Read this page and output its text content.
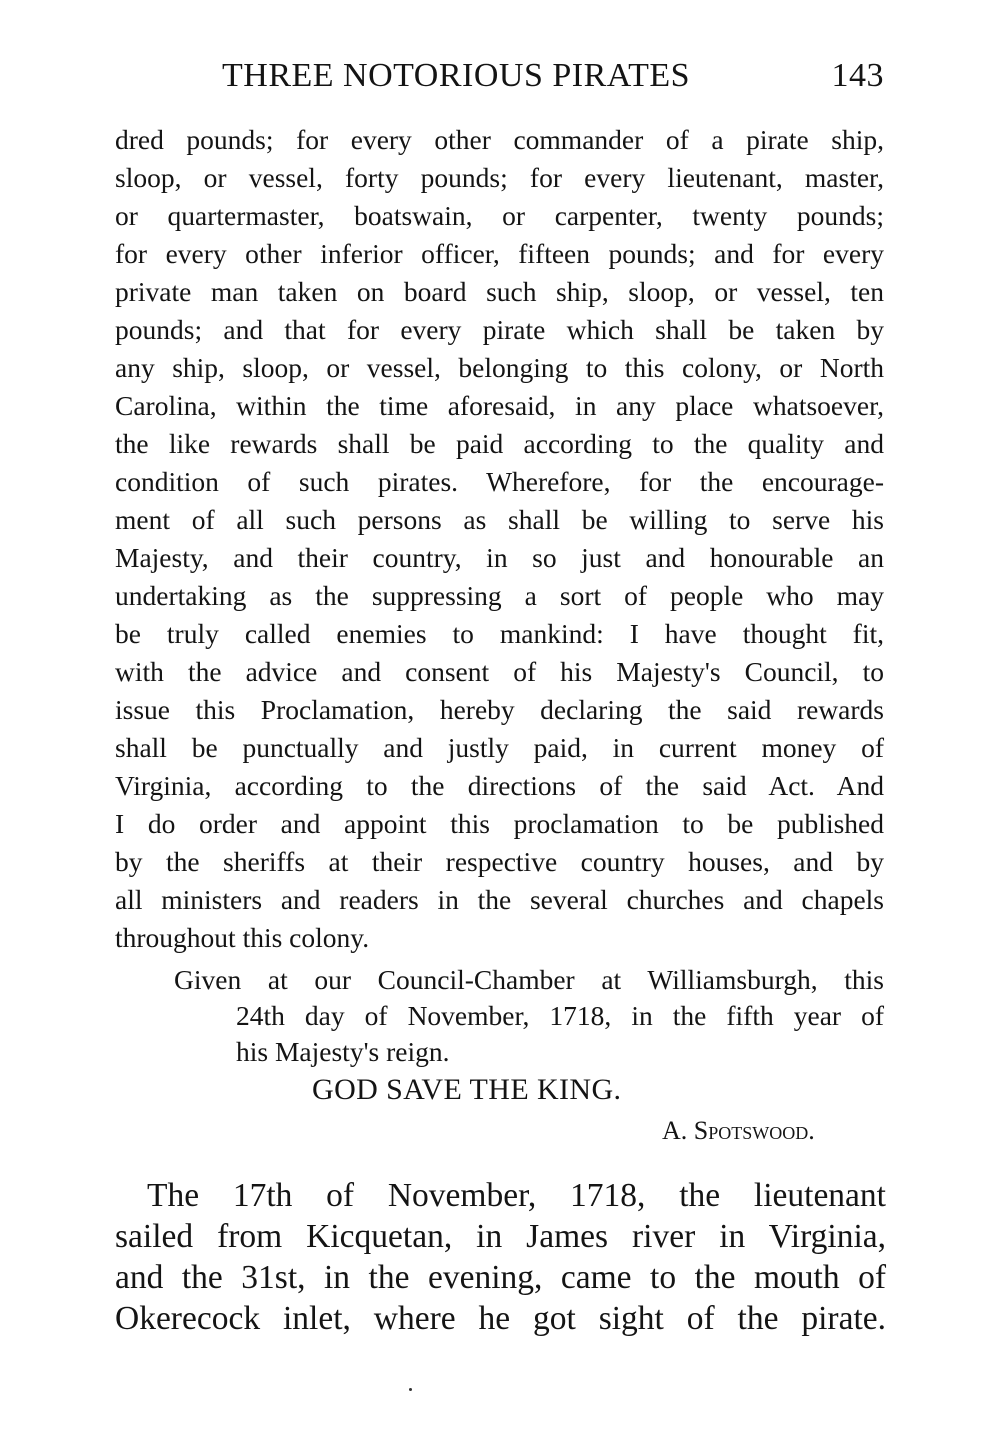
THREE NOTORIOUS PIRATES	143
dred pounds; for every other commander of a pirate ship,
sloop, or vessel, forty pounds; for every lieutenant, master,
or quartermaster, boatswain, or carpenter, twenty pounds;
for every other inferior officer, fifteen pounds; and for every
private man taken on board such ship, sloop, or vessel, ten
pounds; and that for every pirate which shall be taken by
any ship, sloop, or vessel, belonging to this colony, or North
Carolina, within the time aforesaid, in any place whatsoever,
the like rewards shall be paid according to the quality and
condition of such pirates. Wherefore, for the encourage-
ment of all such persons as shall be willing to serve his
Majesty, and their country, in so just and honourable an
undertaking as the suppressing a sort of people who may
be truly called enemies to mankind: I have thought fit,
with the advice and consent of his Majesty's Council, to
issue this Proclamation, hereby declaring the said rewards
shall be punctually and justly paid, in current money of
Virginia, according to the directions of the said Act. And
I do order and appoint this proclamation to be published
by the sheriffs at their respective country houses, and by
all ministers and readers in the several churches and chapels
throughout this colony.
Given at our Council-Chamber at Williamsburgh, this
24th day of November, 1718, in the fifth year of
his Majesty's reign.
GOD SAVE THE KING.
A. Spotswood.
The 17th of November, 1718, the lieutenant
sailed from Kicquetan, in James river in Virginia,
and the 31st, in the evening, came to the mouth of
Okerecock inlet, where he got sight of the pirate.
